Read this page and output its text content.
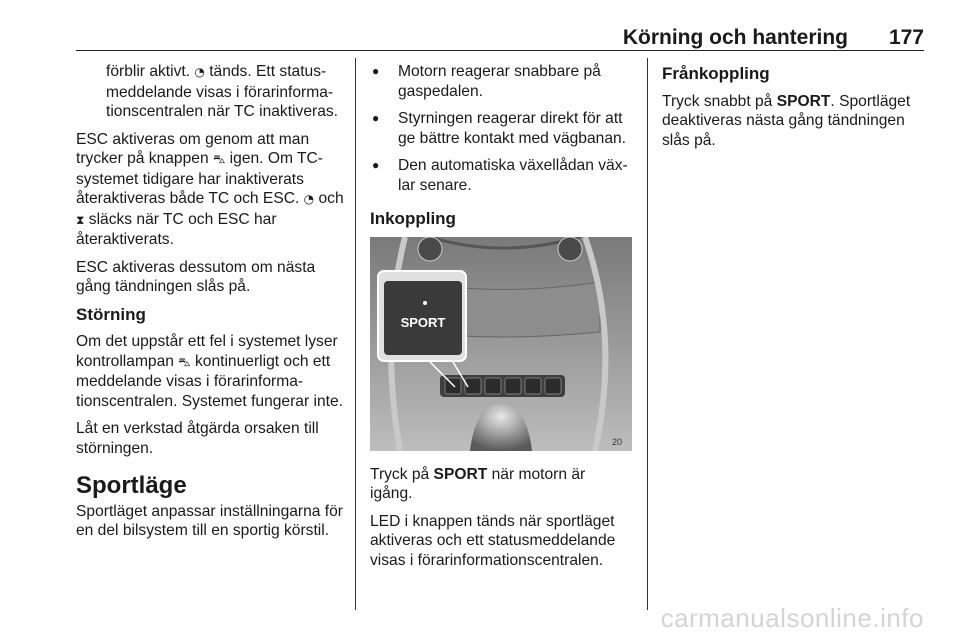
Körning och hantering 177

förblir aktivt. ◔ tänds. Ett statusmeddelande visas i förarinformationscentralen när TC inaktiveras.

ESC aktiveras om genom att man trycker på knappen ⛍ igen. Om TC-systemet tidigare har inaktiverats återaktiveras både TC och ESC. ◔ och ⧗ släcks när TC och ESC har återaktiverats.

ESC aktiveras dessutom om nästa gång tändningen slås på.

Störning

Om det uppstår ett fel i systemet lyser kontrollampan ⛍ kontinuerligt och ett meddelande visas i förarinformationscentralen. Systemet fungerar inte.

Låt en verkstad åtgärda orsaken till störningen.

Sportläge

Sportläget anpassar inställningarna för en del bilsystem till en sportig körstil.

● Motorn reagerar snabbare på gaspedalen.
● Styrningen reagerar direkt för att ge bättre kontakt med vägbanan.
● Den automatiska växellådan växlar senare.
Inkoppling
SPORT
20

Tryck på SPORT när motorn är igång.

LED i knappen tänds när sportläget aktiveras och ett statusmeddelande visas i förarinformationscentralen.

Frånkoppling

Tryck snabbt på SPORT. Sportläget deaktiveras nästa gång tändningen slås på.

carmanualsonline.info
